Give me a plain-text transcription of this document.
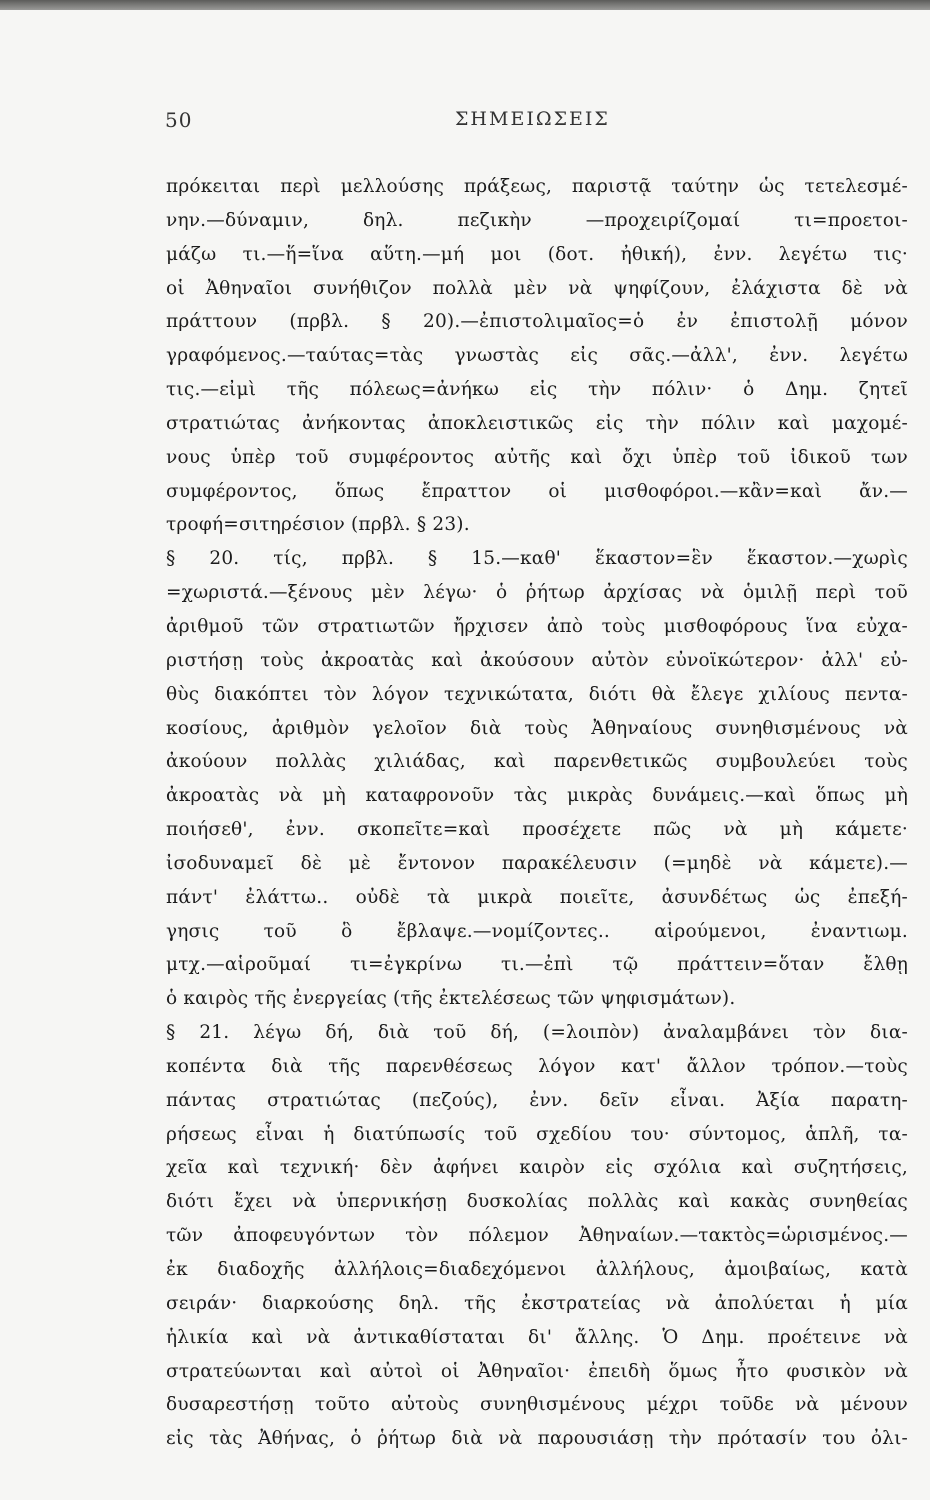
50	ΣΗΜΕΙΩΣΕΙΣ
πρόκειται περὶ μελλούσης πράξεως, παριστᾷ ταύτην ὡς τετελεσμέ-
νην.—δύναμιν, δηλ. πεζικὴν —προχειρίζομαί τι=προετοι-
μάζω τι.—ἥ=ἵνα αὕτη.—μή μοι (δοτ. ἠθική), ἐνν. λεγέτω τις·
οἱ Ἀθηναῖοι συνήθιζον πολλὰ μὲν νὰ ψηφίζουν, ἐλάχιστα δὲ νὰ
πράττουν (πρβλ. § 20).—ἐπιστολιμαῖος=ὁ ἐν ἐπιστολῇ μόνον
γραφόμενος.—ταύτας=τὰς γνωστὰς εἰς σᾶς.—ἀλλ', ἐνν. λεγέτω
τις.—εἰμὶ τῆς πόλεως=ἀνήκω εἰς τὴν πόλιν· ὁ Δημ. ζητεῖ
στρατιώτας ἀνήκοντας ἀποκλειστικῶς εἰς τὴν πόλιν καὶ μαχομέ-
νους ὑπὲρ τοῦ συμφέροντος αὐτῆς καὶ ὄχι ὑπὲρ τοῦ ἰδικοῦ των
συμφέροντος, ὅπως ἔπραττον οἱ μισθοφόροι.—κἂν=καὶ ἄν.—
τροφή=σιτηρέσιον (πρβλ. § 23).
§ 20. τίς, πρβλ. § 15.—καθ' ἕκαστον=ἓν ἕκαστον.—χωρὶς
=χωριστά.—ξένους μὲν λέγω· ὁ ῥήτωρ ἀρχίσας νὰ ὁμιλῇ περὶ τοῦ
ἀριθμοῦ τῶν στρατιωτῶν ἤρχισεν ἀπὸ τοὺς μισθοφόρους ἵνα εὐχα-
ριστήσῃ τοὺς ἀκροατὰς καὶ ἀκούσουν αὐτὸν εὐνοϊκώτερον· ἀλλ' εὐ-
θὺς διακόπτει τὸν λόγον τεχνικώτατα, διότι θὰ ἔλεγε χιλίους πεντα-
κοσίους, ἀριθμὸν γελοῖον διὰ τοὺς Ἀθηναίους συνηθισμένους νὰ
ἀκούουν πολλὰς χιλιάδας, καὶ παρενθετικῶς συμβουλεύει τοὺς
ἀκροατὰς νὰ μὴ καταφρονοῦν τὰς μικρὰς δυνάμεις.—καὶ ὅπως μὴ
ποιήσεθ', ἐνν. σκοπεῖτε=καὶ προσέχετε πῶς νὰ μὴ κάμετε·
ἰσοδυναμεῖ δὲ μὲ ἔντονον παρακέλευσιν (=μηδὲ νὰ κάμετε).—
πάντ' ἐλάττω.. οὐδὲ τὰ μικρὰ ποιεῖτε, ἀσυνδέτως ὡς ἐπεξή-
γησις τοῦ ὃ ἔβλαψε.—νομίζοντες.. αἱρούμενοι, ἐναντιωμ.
μτχ.—αἱροῦμαί τι=ἐγκρίνω τι.—ἐπὶ τῷ πράττειν=ὅταν ἔλθῃ
ὁ καιρὸς τῆς ἐνεργείας (τῆς ἐκτελέσεως τῶν ψηφισμάτων).
§ 21. λέγω δή, διὰ τοῦ δή, (=λοιπὸν) ἀναλαμβάνει τὸν δια-
κοπέντα διὰ τῆς παρενθέσεως λόγον κατ' ἄλλον τρόπον.—τοὺς
πάντας στρατιώτας (πεζούς), ἐνν. δεῖν εἶναι. Ἀξία παρατη-
ρήσεως εἶναι ἡ διατύπωσίς τοῦ σχεδίου του· σύντομος, ἁπλῆ, τα-
χεῖα καὶ τεχνική· δὲν ἀφήνει καιρὸν εἰς σχόλια καὶ συζητήσεις,
διότι ἔχει νὰ ὑπερνικήσῃ δυσκολίας πολλὰς καὶ κακὰς συνηθείας
τῶν ἀποφευγόντων τὸν πόλεμον Ἀθηναίων.—τακτὸς=ὡρισμένος.—
ἐκ διαδοχῆς ἀλλήλοις=διαδεχόμενοι ἀλλήλους, ἀμοιβαίως, κατὰ
σειράν· διαρκούσης δηλ. τῆς ἐκστρατείας νὰ ἀπολύεται ἡ μία
ἡλικία καὶ νὰ ἀντικαθίσταται δι' ἄλλης. Ὁ Δημ. προέτεινε νὰ
στρατεύωνται καὶ αὐτοὶ οἱ Ἀθηναῖοι· ἐπειδὴ ὅμως ἦτο φυσικὸν νὰ
δυσαρεστήσῃ τοῦτο αὐτοὺς συνηθισμένους μέχρι τοῦδε νὰ μένουν
εἰς τὰς Ἀθήνας, ὁ ῥήτωρ διὰ νὰ παρουσιάσῃ τὴν πρότασίν του ὀλι-
